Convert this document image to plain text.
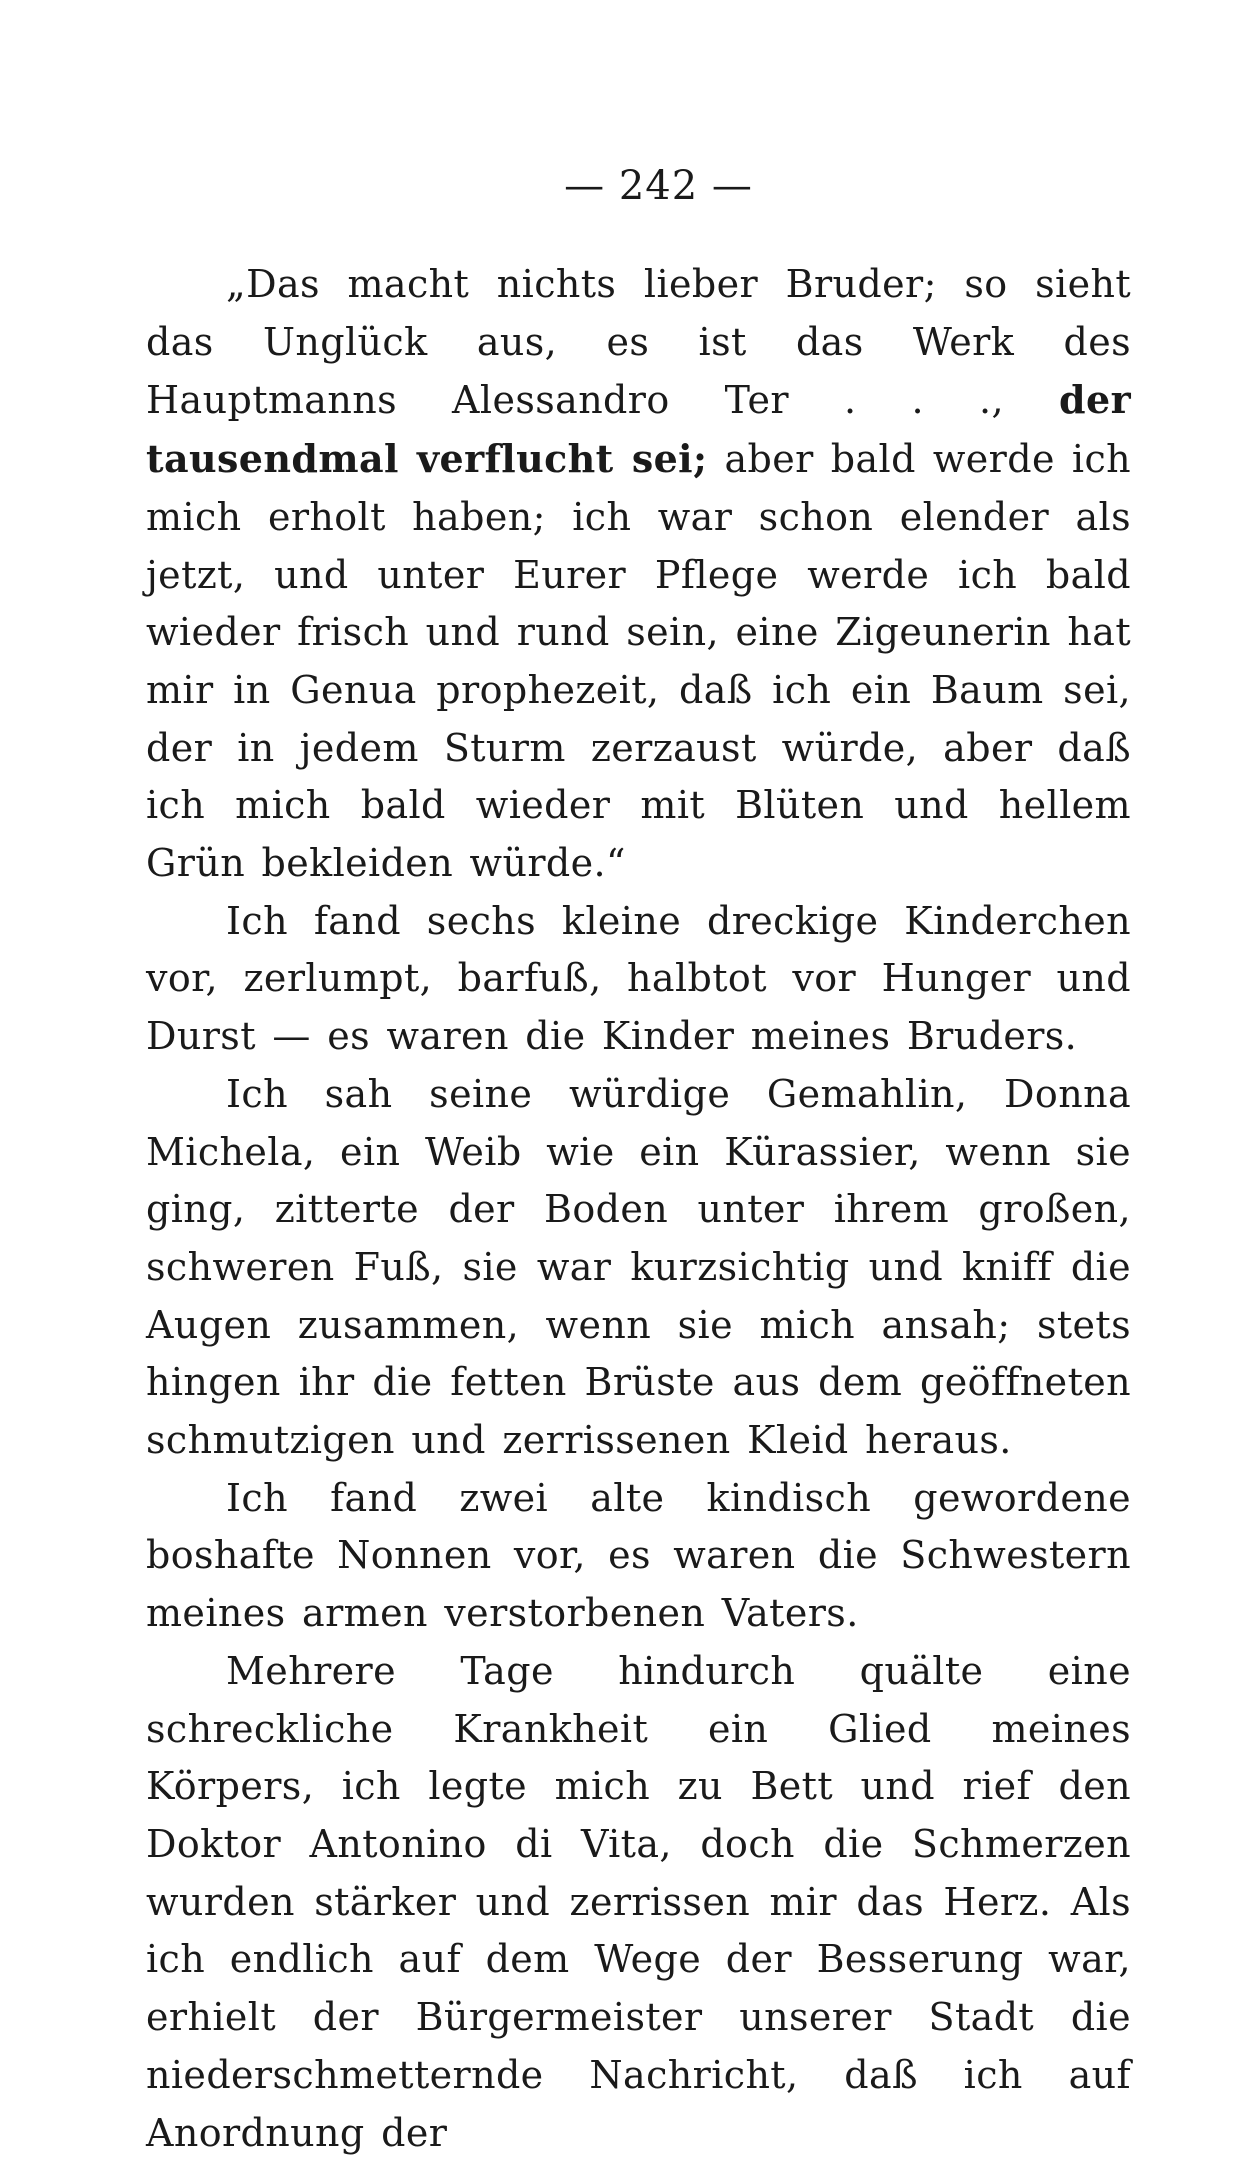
— 242 —

„Das macht nichts lieber Bruder; so sieht das Unglück aus, es ist das Werk des Hauptmanns Alessandro Ter . . ., der tausendmal verflucht sei; aber bald werde ich mich erholt haben; ich war schon elender als jetzt, und unter Eurer Pflege werde ich bald wieder frisch und rund sein, eine Zigeunerin hat mir in Genua prophezeit, daß ich ein Baum sei, der in jedem Sturm zerzaust würde, aber daß ich mich bald wieder mit Blüten und hellem Grün bekleiden würde.“

Ich fand sechs kleine dreckige Kinderchen vor, zerlumpt, barfuß, halbtot vor Hunger und Durst — es waren die Kinder meines Bruders.

Ich sah seine würdige Gemahlin, Donna Michela, ein Weib wie ein Kürassier, wenn sie ging, zitterte der Boden unter ihrem großen, schweren Fuß, sie war kurzsichtig und kniff die Augen zusammen, wenn sie mich ansah; stets hingen ihr die fetten Brüste aus dem geöffneten schmutzigen und zerrissenen Kleid heraus.

Ich fand zwei alte kindisch gewordene boshafte Nonnen vor, es waren die Schwestern meines armen verstorbenen Vaters.

Mehrere Tage hindurch quälte eine schreckliche Krankheit ein Glied meines Körpers, ich legte mich zu Bett und rief den Doktor Antonino di Vita, doch die Schmerzen wurden stärker und zerrissen mir das Herz. Als ich endlich auf dem Wege der Besserung war, erhielt der Bürgermeister unserer Stadt die niederschmetternde Nachricht, daß ich auf Anordnung der
